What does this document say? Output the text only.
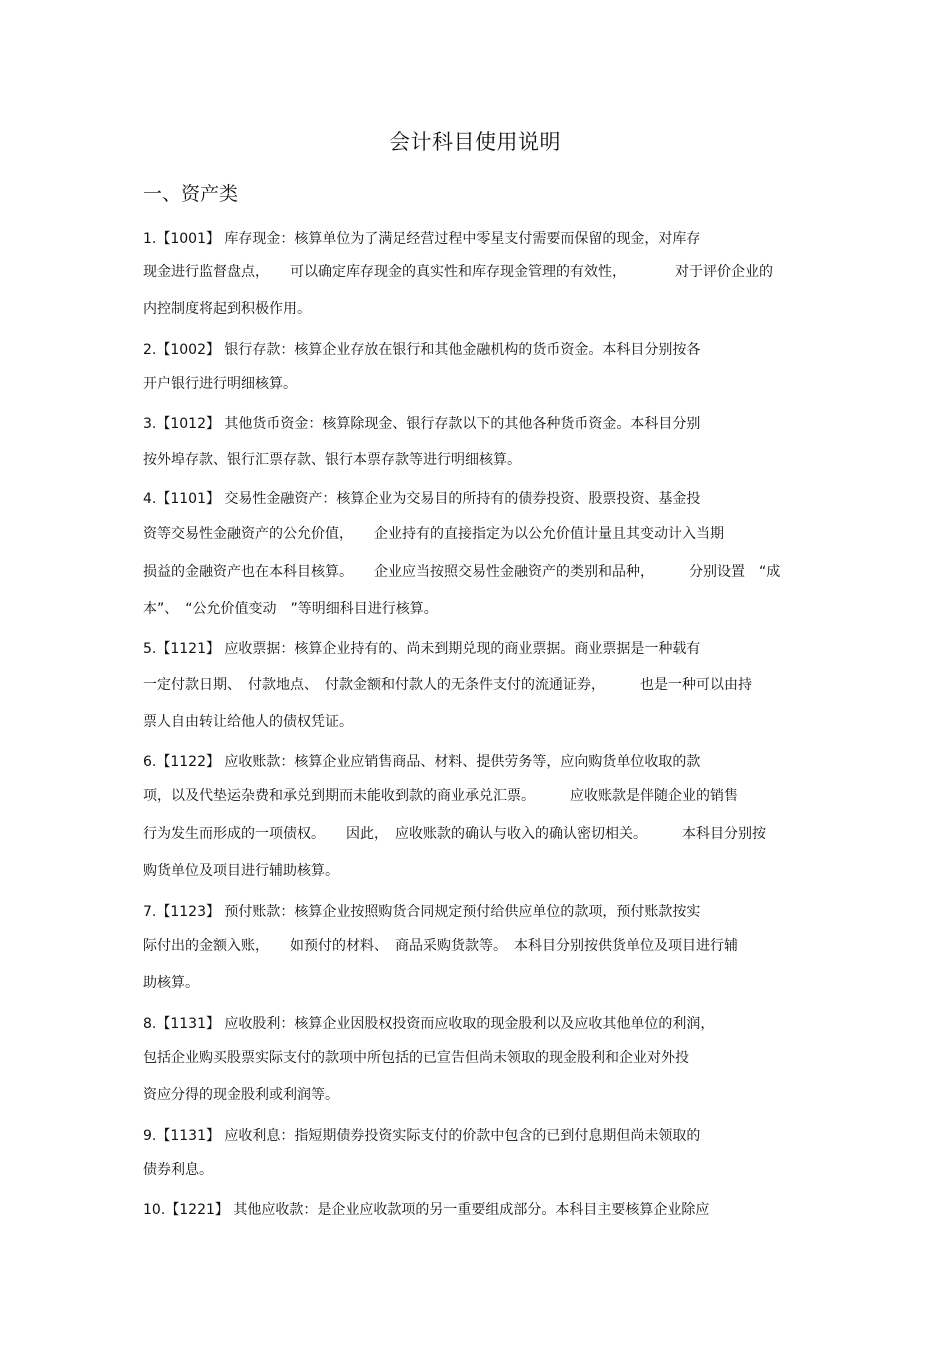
会计科目使用说明
一、资产类
1.【1001】 库存现金：核算单位为了满足经营过程中零星支付需要而保留的现金，对库存
现金进行监督盘点，　　可以确定库存现金的真实性和库存现金管理的有效性，　　　　对于评价企业的
内控制度将起到积极作用。
2.【1002】 银行存款：核算企业存放在银行和其他金融机构的货币资金。本科目分别按各
开户银行进行明细核算。
3.【1012】 其他货币资金：核算除现金、银行存款以下的其他各种货币资金。本科目分别
按外埠存款、银行汇票存款、银行本票存款等进行明细核算。
4.【1101】 交易性金融资产：核算企业为交易目的所持有的债券投资、股票投资、基金投
资等交易性金融资产的公允价值，　　企业持有的直接指定为以公允价值计量且其变动计入当期
损益的金融资产也在本科目核算。　　企业应当按照交易性金融资产的类别和品种，　　　分别设置　“成
本”、　“公允价值变动　”等明细科目进行核算。
5.【1121】 应收票据：核算企业持有的、尚未到期兑现的商业票据。商业票据是一种载有
一定付款日期、　付款地点、　付款金额和付款人的无条件支付的流通证券，　　　也是一种可以由持
票人自由转让给他人的债权凭证。
6.【1122】 应收账款：核算企业应销售商品、材料、提供劳务等，应向购货单位收取的款
项，以及代垫运杂费和承兑到期而未能收到款的商业承兑汇票。　　　应收账款是伴随企业的销售
行为发生而形成的一项债权。　　因此，　应收账款的确认与收入的确认密切相关。　　　本科目分别按
购货单位及项目进行辅助核算。
7.【1123】 预付账款：核算企业按照购货合同规定预付给供应单位的款项，预付账款按实
际付出的金额入账，　　如预付的材料、　商品采购货款等。　本科目分别按供货单位及项目进行辅
助核算。
8.【1131】 应收股利：核算企业因股权投资而应收取的现金股利以及应收其他单位的利润，
包括企业购买股票实际支付的款项中所包括的已宣告但尚未领取的现金股利和企业对外投
资应分得的现金股利或利润等。
9.【1131】 应收利息：指短期债券投资实际支付的价款中包含的已到付息期但尚未领取的
债券利息。
10.【1221】 其他应收款：是企业应收款项的另一重要组成部分。本科目主要核算企业除应
